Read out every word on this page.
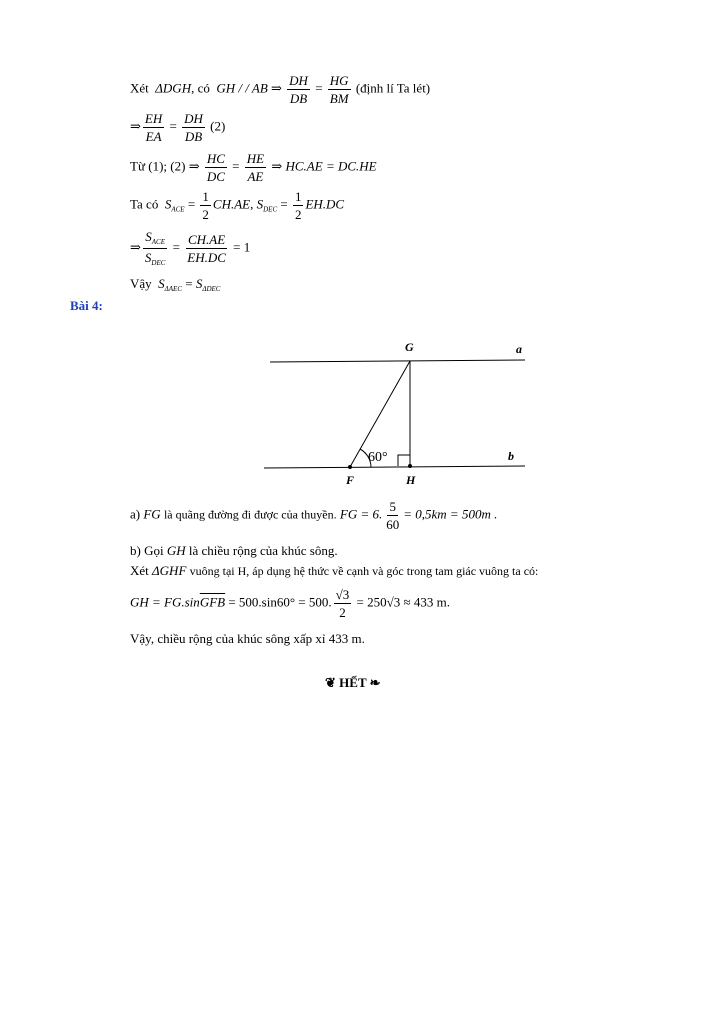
Xét  ΔDGH, có  GH / / AB ⇒ $\frac{DH}{DB} = \frac{HG}{BM}$ (định lí Ta lét)
⇒ $\frac{EH}{EA} = \frac{DH}{DB} (2)$
Từ (1); (2) ⇒ $\frac{HC}{DC} = \frac{HE}{AE}$ ⇒ HC.AE = DC.HE
Ta có  $S_{ACE} = \frac{1}{2} CH.AE$, $S_{DEC} = \frac{1}{2} EH.DC$
⇒ $\frac{S_{ACE}}{S_{DEC}} = \frac{CH.AE}{EH.DC} = 1$
Vậy  $S_{\Delta AEC} = S_{\Delta DEC}$
Bài 4:
G	a
b
F	H
60°
a) FG là quãng đường đi được của thuyền. FG = 6. $\frac{5}{60} = 0,5km = 500m$ .
b) Gọi GH là chiều rộng của khúc sông.
Xét ΔGHF vuông tại H, áp dụng hệ thức về cạnh và góc trong tam giác vuông ta có:
GH = $FG.\sin\overline{GFB} = 500.\sin 60^\circ = 500$. $\frac{√3}{2} = 250√3 \approx 433$ m.
Vậy, chiều rộng của khúc sông xấp xỉ 433 m.
❦ HẾT ❧
